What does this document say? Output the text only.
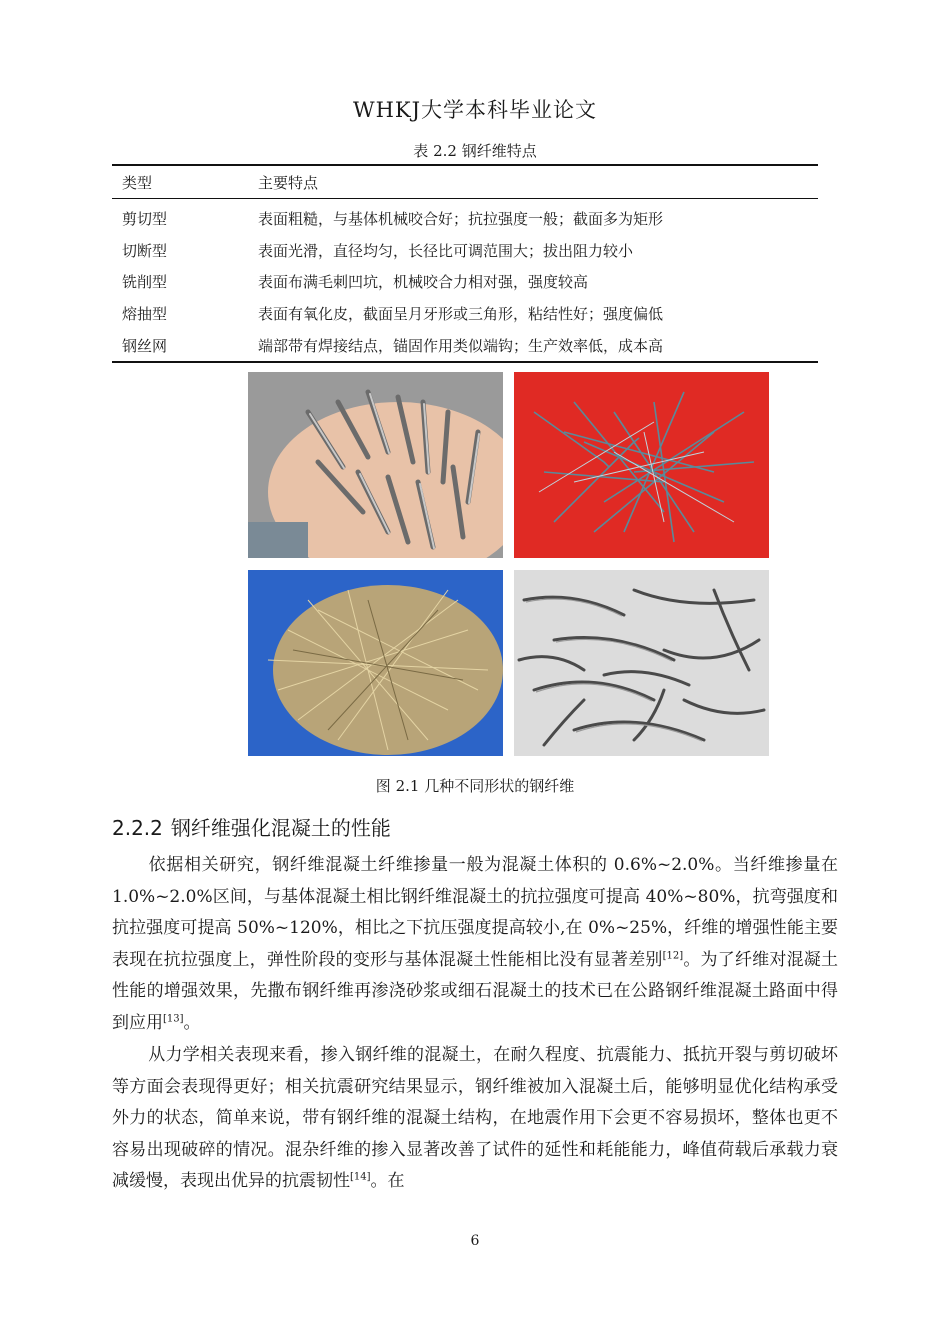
WHKJ大学本科毕业论文
表 2.2 钢纤维特点
类型	主要特点
剪切型	表面粗糙，与基体机械咬合好；抗拉强度一般；截面多为矩形
切断型	表面光滑，直径均匀，长径比可调范围大；拔出阻力较小
铣削型	表面布满毛刺凹坑，机械咬合力相对强，强度较高
熔抽型	表面有氧化皮，截面呈月牙形或三角形，粘结性好；强度偏低
钢丝网	端部带有焊接结点，锚固作用类似端钩；生产效率低，成本高
图 2.1 几种不同形状的钢纤维
2.2.2 钢纤维强化混凝土的性能
依据相关研究，钢纤维混凝土纤维掺量一般为混凝土体积的 0.6%~2.0%。当纤维掺量在 1.0%~2.0%区间，与基体混凝土相比钢纤维混凝土的抗拉强度可提高 40%~80%，抗弯强度和抗拉强度可提高 50%~120%，相比之下抗压强度提高较小,在 0%~25%，纤维的增强性能主要表现在抗拉强度上，弹性阶段的变形与基体混凝土性能相比没有显著差别[12]。为了纤维对混凝土性能的增强效果，先撒布钢纤维再渗浇砂浆或细石混凝土的技术已在公路钢纤维混凝土路面中得到应用[13]。
从力学相关表现来看，掺入钢纤维的混凝土，在耐久程度、抗震能力、抵抗开裂与剪切破坏等方面会表现得更好；相关抗震研究结果显示，钢纤维被加入混凝土后，能够明显优化结构承受外力的状态，简单来说，带有钢纤维的混凝土结构，在地震作用下会更不容易损坏，整体也更不容易出现破碎的情况。混杂纤维的掺入显著改善了试件的延性和耗能能力，峰值荷载后承载力衰减缓慢，表现出优异的抗震韧性[14]。在
6
